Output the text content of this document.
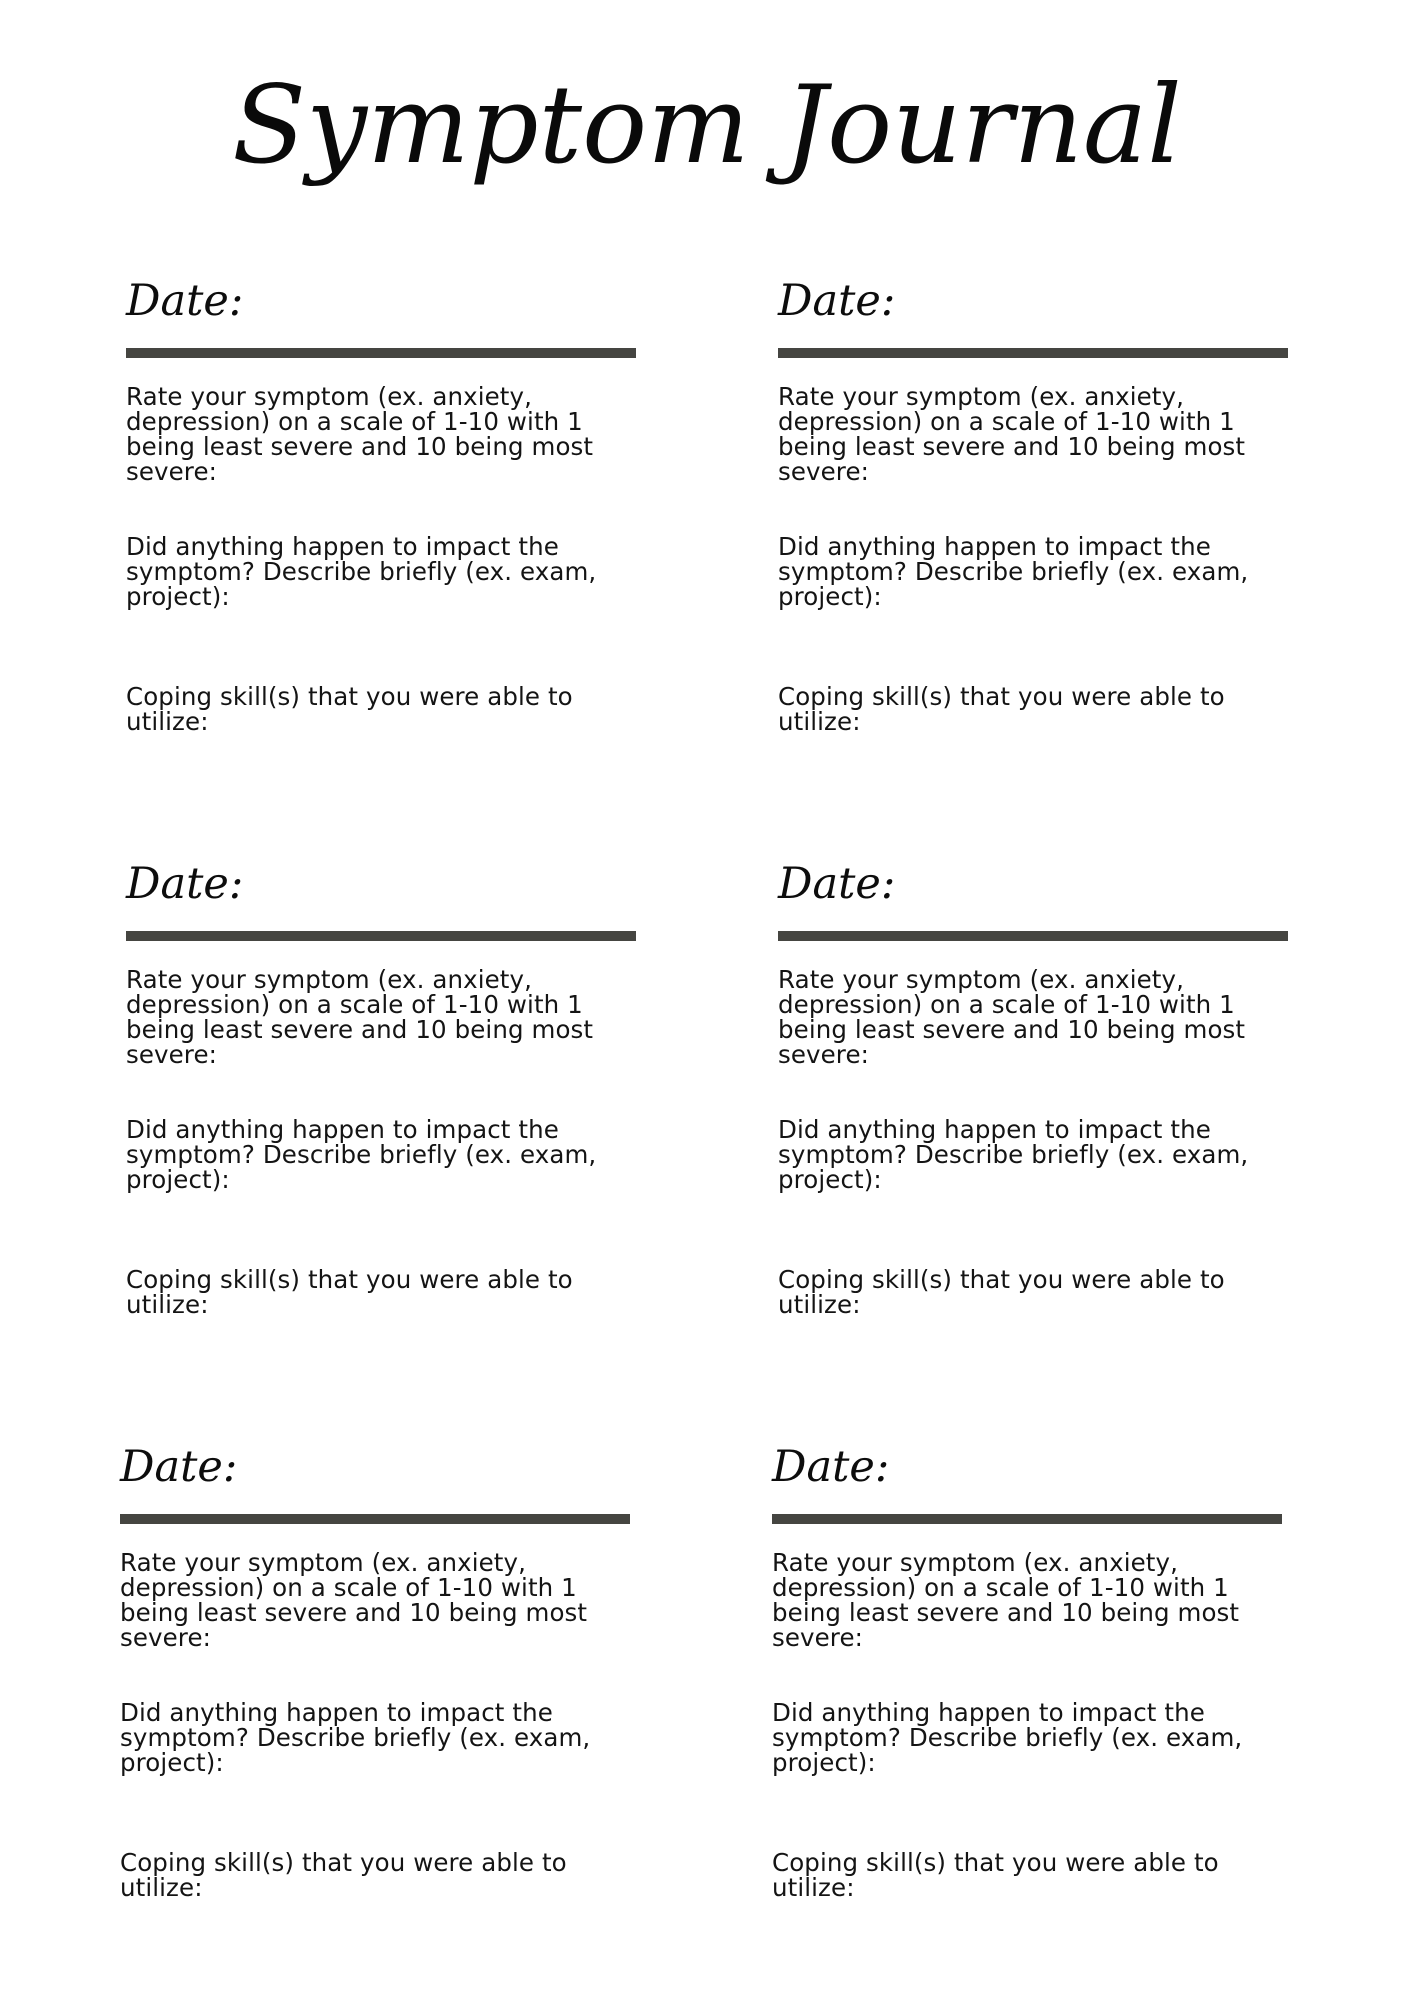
Symptom Journal
Date:

Rate your symptom (ex. anxiety, depression) on a scale of 1-10 with 1 being least severe and 10 being most severe:

Did anything happen to impact the symptom? Describe briefly (ex. exam, project):

Coping skill(s) that you were able to utilize:

Date:

Rate your symptom (ex. anxiety, depression) on a scale of 1-10 with 1 being least severe and 10 being most severe:

Did anything happen to impact the symptom? Describe briefly (ex. exam, project):

Coping skill(s) that you were able to utilize:

Date:

Rate your symptom (ex. anxiety, depression) on a scale of 1-10 with 1 being least severe and 10 being most severe:

Did anything happen to impact the symptom? Describe briefly (ex. exam, project):

Coping skill(s) that you were able to utilize:

Date:

Rate your symptom (ex. anxiety, depression) on a scale of 1-10 with 1 being least severe and 10 being most severe:

Did anything happen to impact the symptom? Describe briefly (ex. exam, project):

Coping skill(s) that you were able to utilize:

Date:

Rate your symptom (ex. anxiety, depression) on a scale of 1-10 with 1 being least severe and 10 being most severe:

Did anything happen to impact the symptom? Describe briefly (ex. exam, project):

Coping skill(s) that you were able to utilize:

Date:

Rate your symptom (ex. anxiety, depression) on a scale of 1-10 with 1 being least severe and 10 being most severe:

Did anything happen to impact the symptom? Describe briefly (ex. exam, project):

Coping skill(s) that you were able to utilize:
